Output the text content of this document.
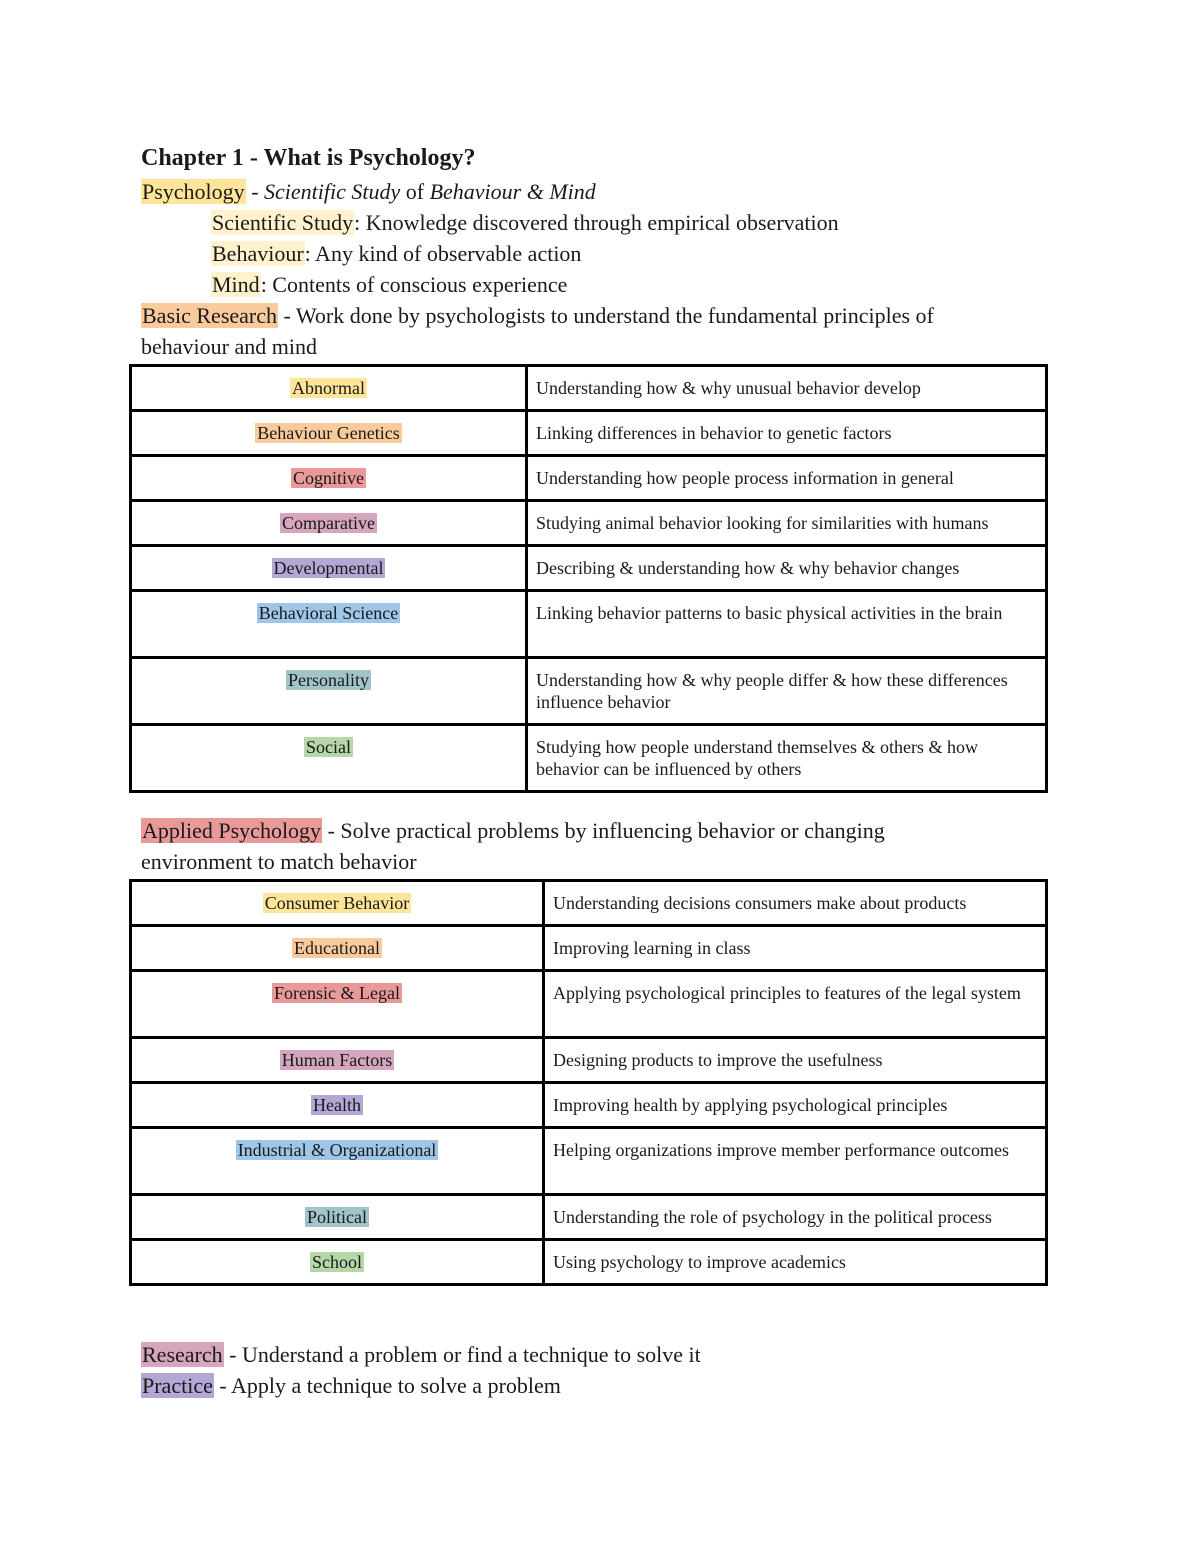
Chapter 1 - What is Psychology?
Psychology - Scientific Study of Behaviour & Mind
Scientific Study: Knowledge discovered through empirical observation
Behaviour: Any kind of observable action
Mind: Contents of conscious experience
Basic Research - Work done by psychologists to understand the fundamental principles of
behaviour and mind
Abnormal	Understanding how & why unusual behavior develop
Behaviour Genetics	Linking differences in behavior to genetic factors
Cognitive	Understanding how people process information in general
Comparative	Studying animal behavior looking for similarities with humans
Developmental	Describing & understanding how & why behavior changes
Behavioral Science	Linking behavior patterns to basic physical activities in the brain
Personality	Understanding how & why people differ & how these differences influence behavior
Social	Studying how people understand themselves & others & how behavior can be influenced by others
Applied Psychology - Solve practical problems by influencing behavior or changing
environment to match behavior
Consumer Behavior	Understanding decisions consumers make about products
Educational	Improving learning in class
Forensic & Legal	Applying psychological principles to features of the legal system
Human Factors	Designing products to improve the usefulness
Health	Improving health by applying psychological principles
Industrial & Organizational	Helping organizations improve member performance outcomes
Political	Understanding the role of psychology in the political process
School	Using psychology to improve academics
Research - Understand a problem or find a technique to solve it
Practice - Apply a technique to solve a problem
